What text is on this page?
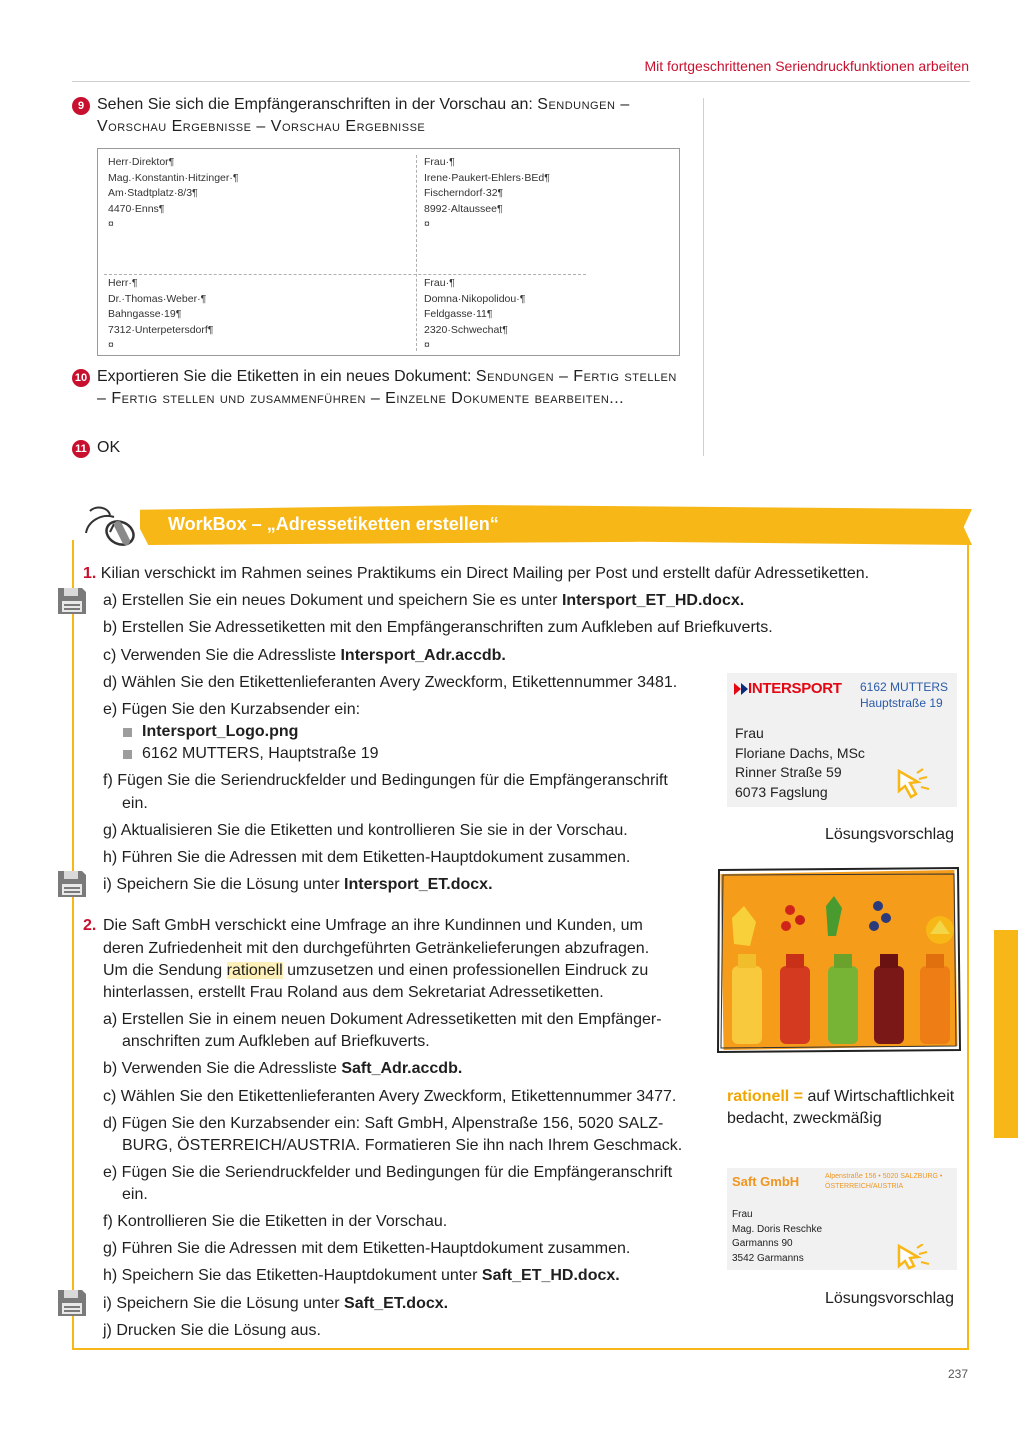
Mit fortgeschrittenen Seriendruckfunktionen arbeiten
9 Sehen Sie sich die Empfängeranschriften in der Vorschau an: Sendungen – Vorschau Ergebnisse – Vorschau Ergebnisse
Herr·Direktor¶
Mag.·Konstantin·Hitzinger·¶
Am·Stadtplatz·8/3¶
4470·Enns¶
¤
Frau·¶
Irene·Paukert-Ehlers·BEd¶
Fischerndorf·32¶
8992·Altaussee¶
¤
Herr·¶
Dr.·Thomas·Weber·¶
Bahngasse·19¶
7312·Unterpetersdorf¶
¤
Frau·¶
Domna·Nikopolidou·¶
Feldgasse·11¶
2320·Schwechat¶
¤
10 Exportieren Sie die Etiketten in ein neues Dokument: Sendungen – Fertig stellen – Fertig stellen und zusammenführen – Einzelne Dokumente bearbeiten...
11 OK
WorkBox – „Adressetiketten erstellen“
1. Kilian verschickt im Rahmen seines Praktikums ein Direct Mailing per Post und erstellt dafür Adressetiketten.
a) Erstellen Sie ein neues Dokument und speichern Sie es unter Intersport_ET_HD.docx.
b) Erstellen Sie Adressetiketten mit den Empfängeranschriften zum Aufkleben auf Briefkuverts.
c) Verwenden Sie die Adressliste Intersport_Adr.accdb.
d) Wählen Sie den Etikettenlieferanten Avery Zweckform, Etikettennummer 3481.
e) Fügen Sie den Kurzabsender ein:
Intersport_Logo.png
6162 MUTTERS, Hauptstraße 19
f) Fügen Sie die Seriendruckfelder und Bedingungen für die Empfängeranschrift
ein.
g) Aktualisieren Sie die Etiketten und kontrollieren Sie sie in der Vorschau.
h) Führen Sie die Adressen mit dem Etiketten-Hauptdokument zusammen.
i) Speichern Sie die Lösung unter Intersport_ET.docx.
2. Die Saft GmbH verschickt eine Umfrage an ihre Kundinnen und Kunden, um
deren Zufriedenheit mit den durchgeführten Getränkelieferungen abzufragen.
Um die Sendung rationell umzusetzen und einen professionellen Eindruck zu
hinterlassen, erstellt Frau Roland aus dem Sekretariat Adressetiketten.
a) Erstellen Sie in einem neuen Dokument Adressetiketten mit den Empfänger-
anschriften zum Aufkleben auf Briefkuverts.
b) Verwenden Sie die Adressliste Saft_Adr.accdb.
c) Wählen Sie den Etikettenlieferanten Avery Zweckform, Etikettennummer 3477.
d) Fügen Sie den Kurzabsender ein: Saft GmbH, Alpenstraße 156, 5020 SALZ-
BURG, ÖSTERREICH/AUSTRIA. Formatieren Sie ihn nach Ihrem Geschmack.
e) Fügen Sie die Seriendruckfelder und Bedingungen für die Empfängeranschrift
ein.
f) Kontrollieren Sie die Etiketten in der Vorschau.
g) Führen Sie die Adressen mit dem Etiketten-Hauptdokument zusammen.
h) Speichern Sie das Etiketten-Hauptdokument unter Saft_ET_HD.docx.
i) Speichern Sie die Lösung unter Saft_ET.docx.
j) Drucken Sie die Lösung aus.
INTERSPORT 6162 MUTTERS
Hauptstraße 19
Frau
Floriane Dachs, MSc
Rinner Straße 59
6073 Fagslung
Lösungsvorschlag
rationell = auf Wirtschaftlichkeit
bedacht, zweckmäßig
Saft GmbH	Alpenstraße 156 • 5020 SALZBURG •
ÖSTERREICH/AUSTRIA
Frau
Mag. Doris Reschke
Garmanns 90
3542 Garmanns
Lösungsvorschlag
237
